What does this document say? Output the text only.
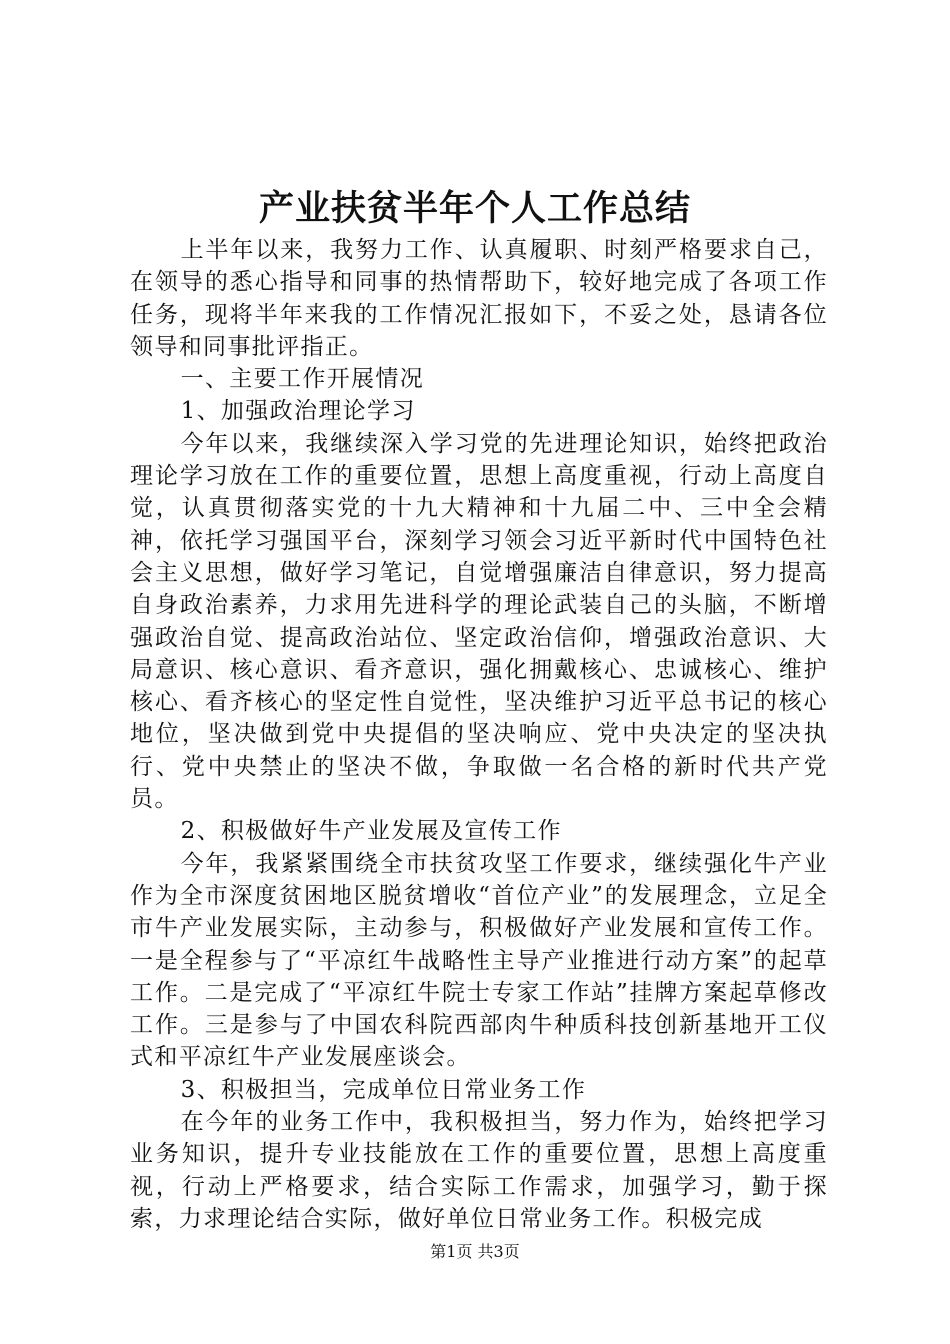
产业扶贫半年个人工作总结

上半年以来，我努力工作、认真履职、时刻严格要求自己，在领导的悉心指导和同事的热情帮助下，较好地完成了各项工作任务，现将半年来我的工作情况汇报如下，不妥之处，恳请各位领导和同事批评指正。

一、主要工作开展情况

1、加强政治理论学习

今年以来，我继续深入学习党的先进理论知识，始终把政治理论学习放在工作的重要位置，思想上高度重视，行动上高度自觉，认真贯彻落实党的十九大精神和十九届二中、三中全会精神，依托学习强国平台，深刻学习领会习近平新时代中国特色社会主义思想，做好学习笔记，自觉增强廉洁自律意识，努力提高自身政治素养，力求用先进科学的理论武装自己的头脑，不断增强政治自觉、提高政治站位、坚定政治信仰，增强政治意识、大局意识、核心意识、看齐意识，强化拥戴核心、忠诚核心、维护核心、看齐核心的坚定性自觉性，坚决维护习近平总书记的核心地位，坚决做到党中央提倡的坚决响应、党中央决定的坚决执行、党中央禁止的坚决不做，争取做一名合格的新时代共产党员。

2、积极做好牛产业发展及宣传工作

今年，我紧紧围绕全市扶贫攻坚工作要求，继续强化牛产业作为全市深度贫困地区脱贫增收“首位产业”的发展理念，立足全市牛产业发展实际，主动参与，积极做好产业发展和宣传工作。一是全程参与了“平凉红牛战略性主导产业推进行动方案”的起草工作。二是完成了“平凉红牛院士专家工作站”挂牌方案起草修改工作。三是参与了中国农科院西部肉牛种质科技创新基地开工仪式和平凉红牛产业发展座谈会。

3、积极担当，完成单位日常业务工作

在今年的业务工作中，我积极担当，努力作为，始终把学习业务知识，提升专业技能放在工作的重要位置，思想上高度重视，行动上严格要求，结合实际工作需求，加强学习，勤于探索，力求理论结合实际，做好单位日常业务工作。积极完成

第1页 共3页
